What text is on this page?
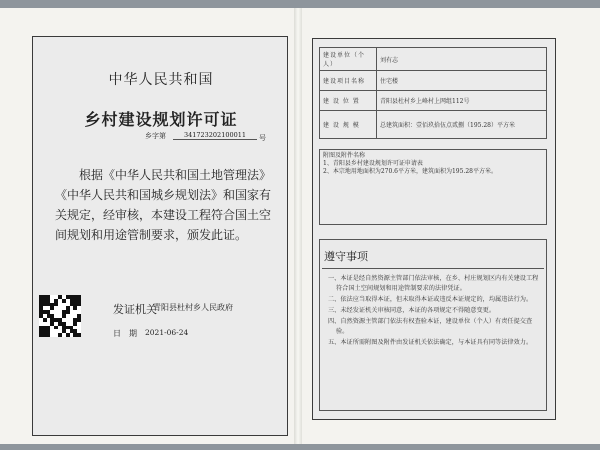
中华人民共和国
乡村建设规划许可证
乡字第	341723202100011	号
根据《中华人民共和国土地管理法》《中华人民共和国城乡规划法》和国家有关规定，经审核，本建设工程符合国土空间规划和用途管制要求，颁发此证。
发证机关
青阳县杜村乡人民政府
日　期 2021-06-24
建设单位（个人）	刘有志
建设项目名称	住宅楼
建 设 位 置	青阳县杜村乡上峰村上网组112号
建 设 规 模	总建筑面积：壹佰玖拾伍点贰捌（195.28）平方米
附图及附件名称
1、青阳县乡村建设规划许可证申请表
2、本宗地用地面积为270.6平方米，建筑面积为195.28平方米。
遵守事项
一、本证是经自然资源主管部门依法审核，在乡、村庄规划区内有关建设工程符合国土空间规划和用途管制要求的法律凭证。
二、依法应当取得本证，但未取得本证或违反本证规定的，均属违法行为。
三、未经发证机关审核同意，本证的各项规定不得随意变更。
四、自然资源主管部门依法有权查验本证，建设单位（个人）有责任提交查验。
五、本证所需附图及附件由发证机关依法确定，与本证具有同等法律效力。
